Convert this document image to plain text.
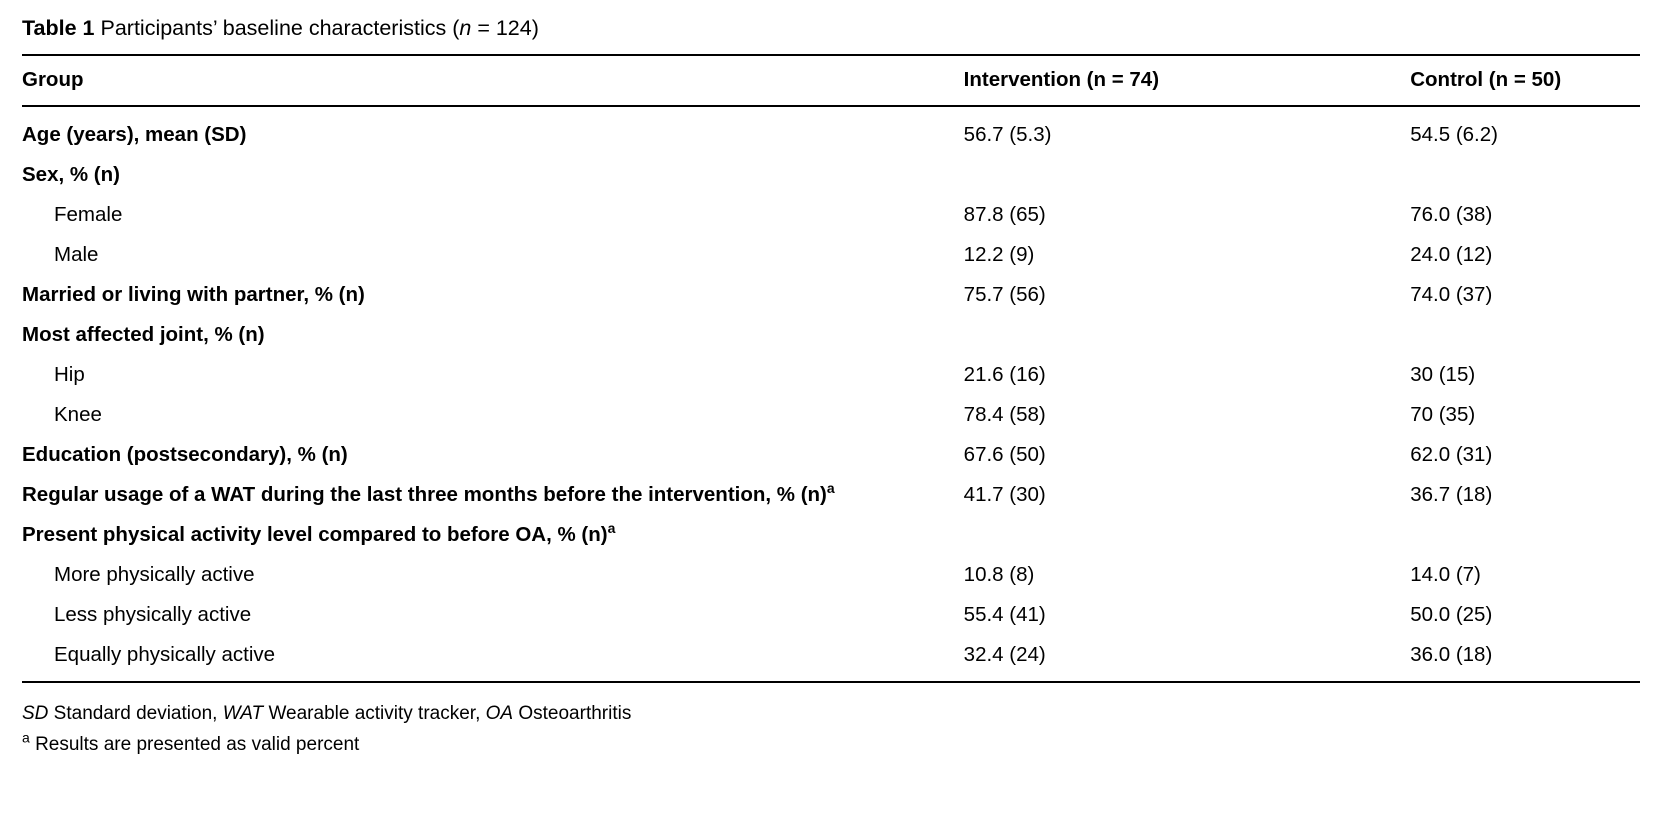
Table 1 Participants’ baseline characteristics (n = 124)
Group	Intervention (n = 74)	Control (n = 50)
Age (years), mean (SD)	56.7 (5.3)	54.5 (6.2)
Sex, % (n)		
Female	87.8 (65)	76.0 (38)
Male	12.2 (9)	24.0 (12)
Married or living with partner, % (n)	75.7 (56)	74.0 (37)
Most affected joint, % (n)		
Hip	21.6 (16)	30 (15)
Knee	78.4 (58)	70 (35)
Education (postsecondary), % (n)	67.6 (50)	62.0 (31)
Regular usage of a WAT during the last three months before the intervention, % $(n)^a$	41.7 (30)	36.7 (18)
Present physical activity level compared to before OA, % $(n)^a$		
More physically active	10.8 (8)	14.0 (7)
Less physically active	55.4 (41)	50.0 (25)
Equally physically active	32.4 (24)	36.0 (18)
SD Standard deviation, WAT Wearable activity tracker, OA Osteoarthritis
$^a$ Results are presented as valid percent
